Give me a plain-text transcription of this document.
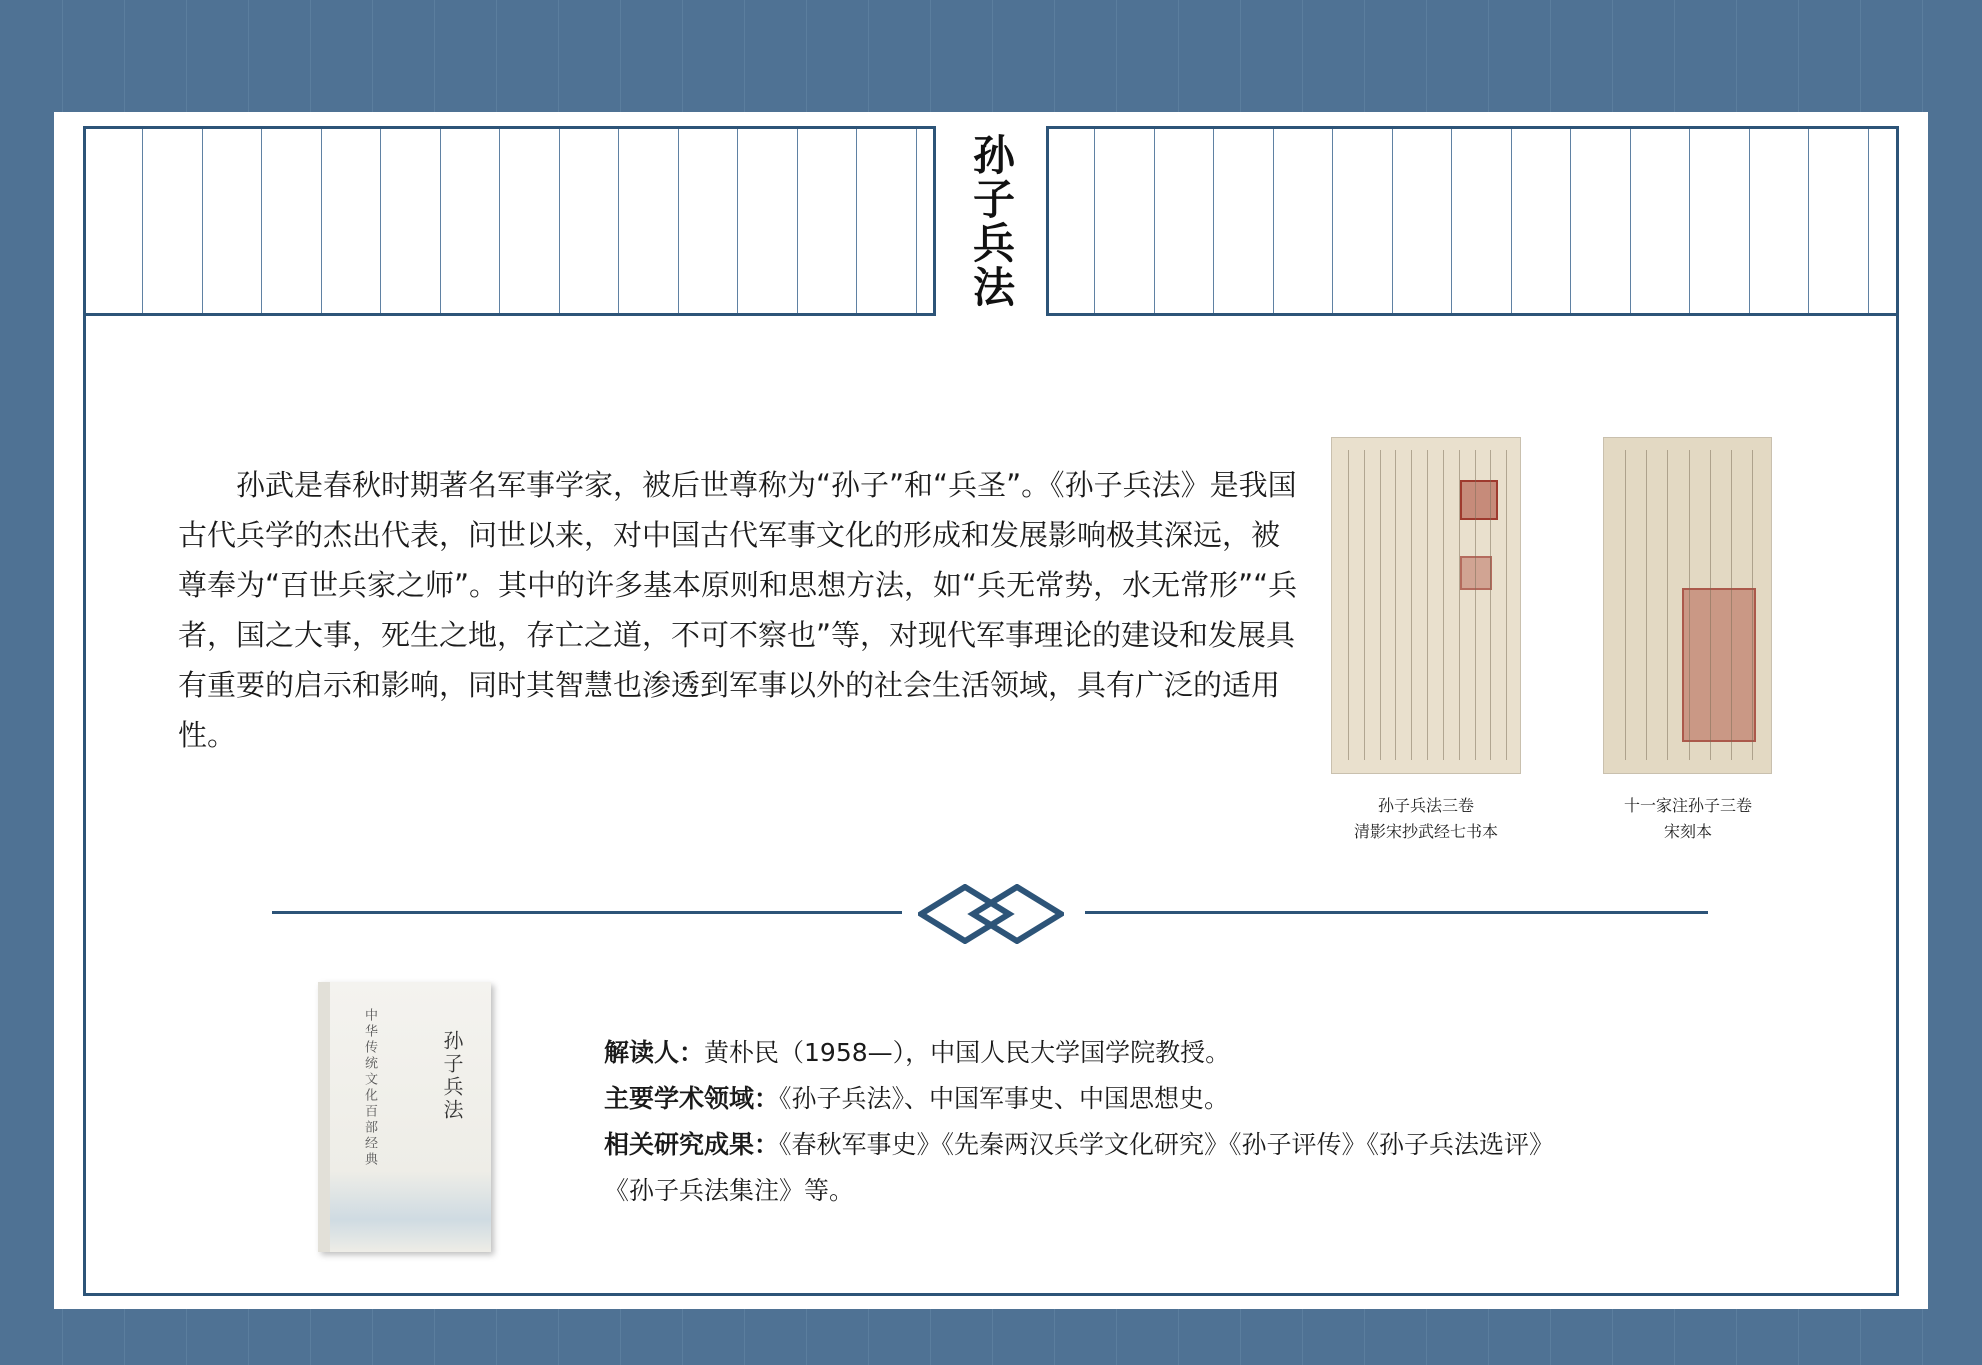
孙子兵法

孙武是春秋时期著名军事学家，被后世尊称为“孙子”和“兵圣”。《孙子兵法》是我国古代兵学的杰出代表，问世以来，对中国古代军事文化的形成和发展影响极其深远，被尊奉为“百世兵家之师”。其中的许多基本原则和思想方法，如“兵无常势，水无常形”“兵者，国之大事，死生之地，存亡之道，不可不察也”等，对现代军事理论的建设和发展具有重要的启示和影响，同时其智慧也渗透到军事以外的社会生活领域，具有广泛的适用性。

孙子兵法三卷
清影宋抄武经七书本
十一家注孙子三卷
宋刻本
中华传统文化百部经典	孙子兵法	解读人：黄朴民（1958—），中国人民大学国学院教授。
主要学术领域：《孙子兵法》、中国军事史、中国思想史。
相关研究成果：《春秋军事史》《先秦两汉兵学文化研究》《孙子评传》《孙子兵法选评》
《孙子兵法集注》等。
